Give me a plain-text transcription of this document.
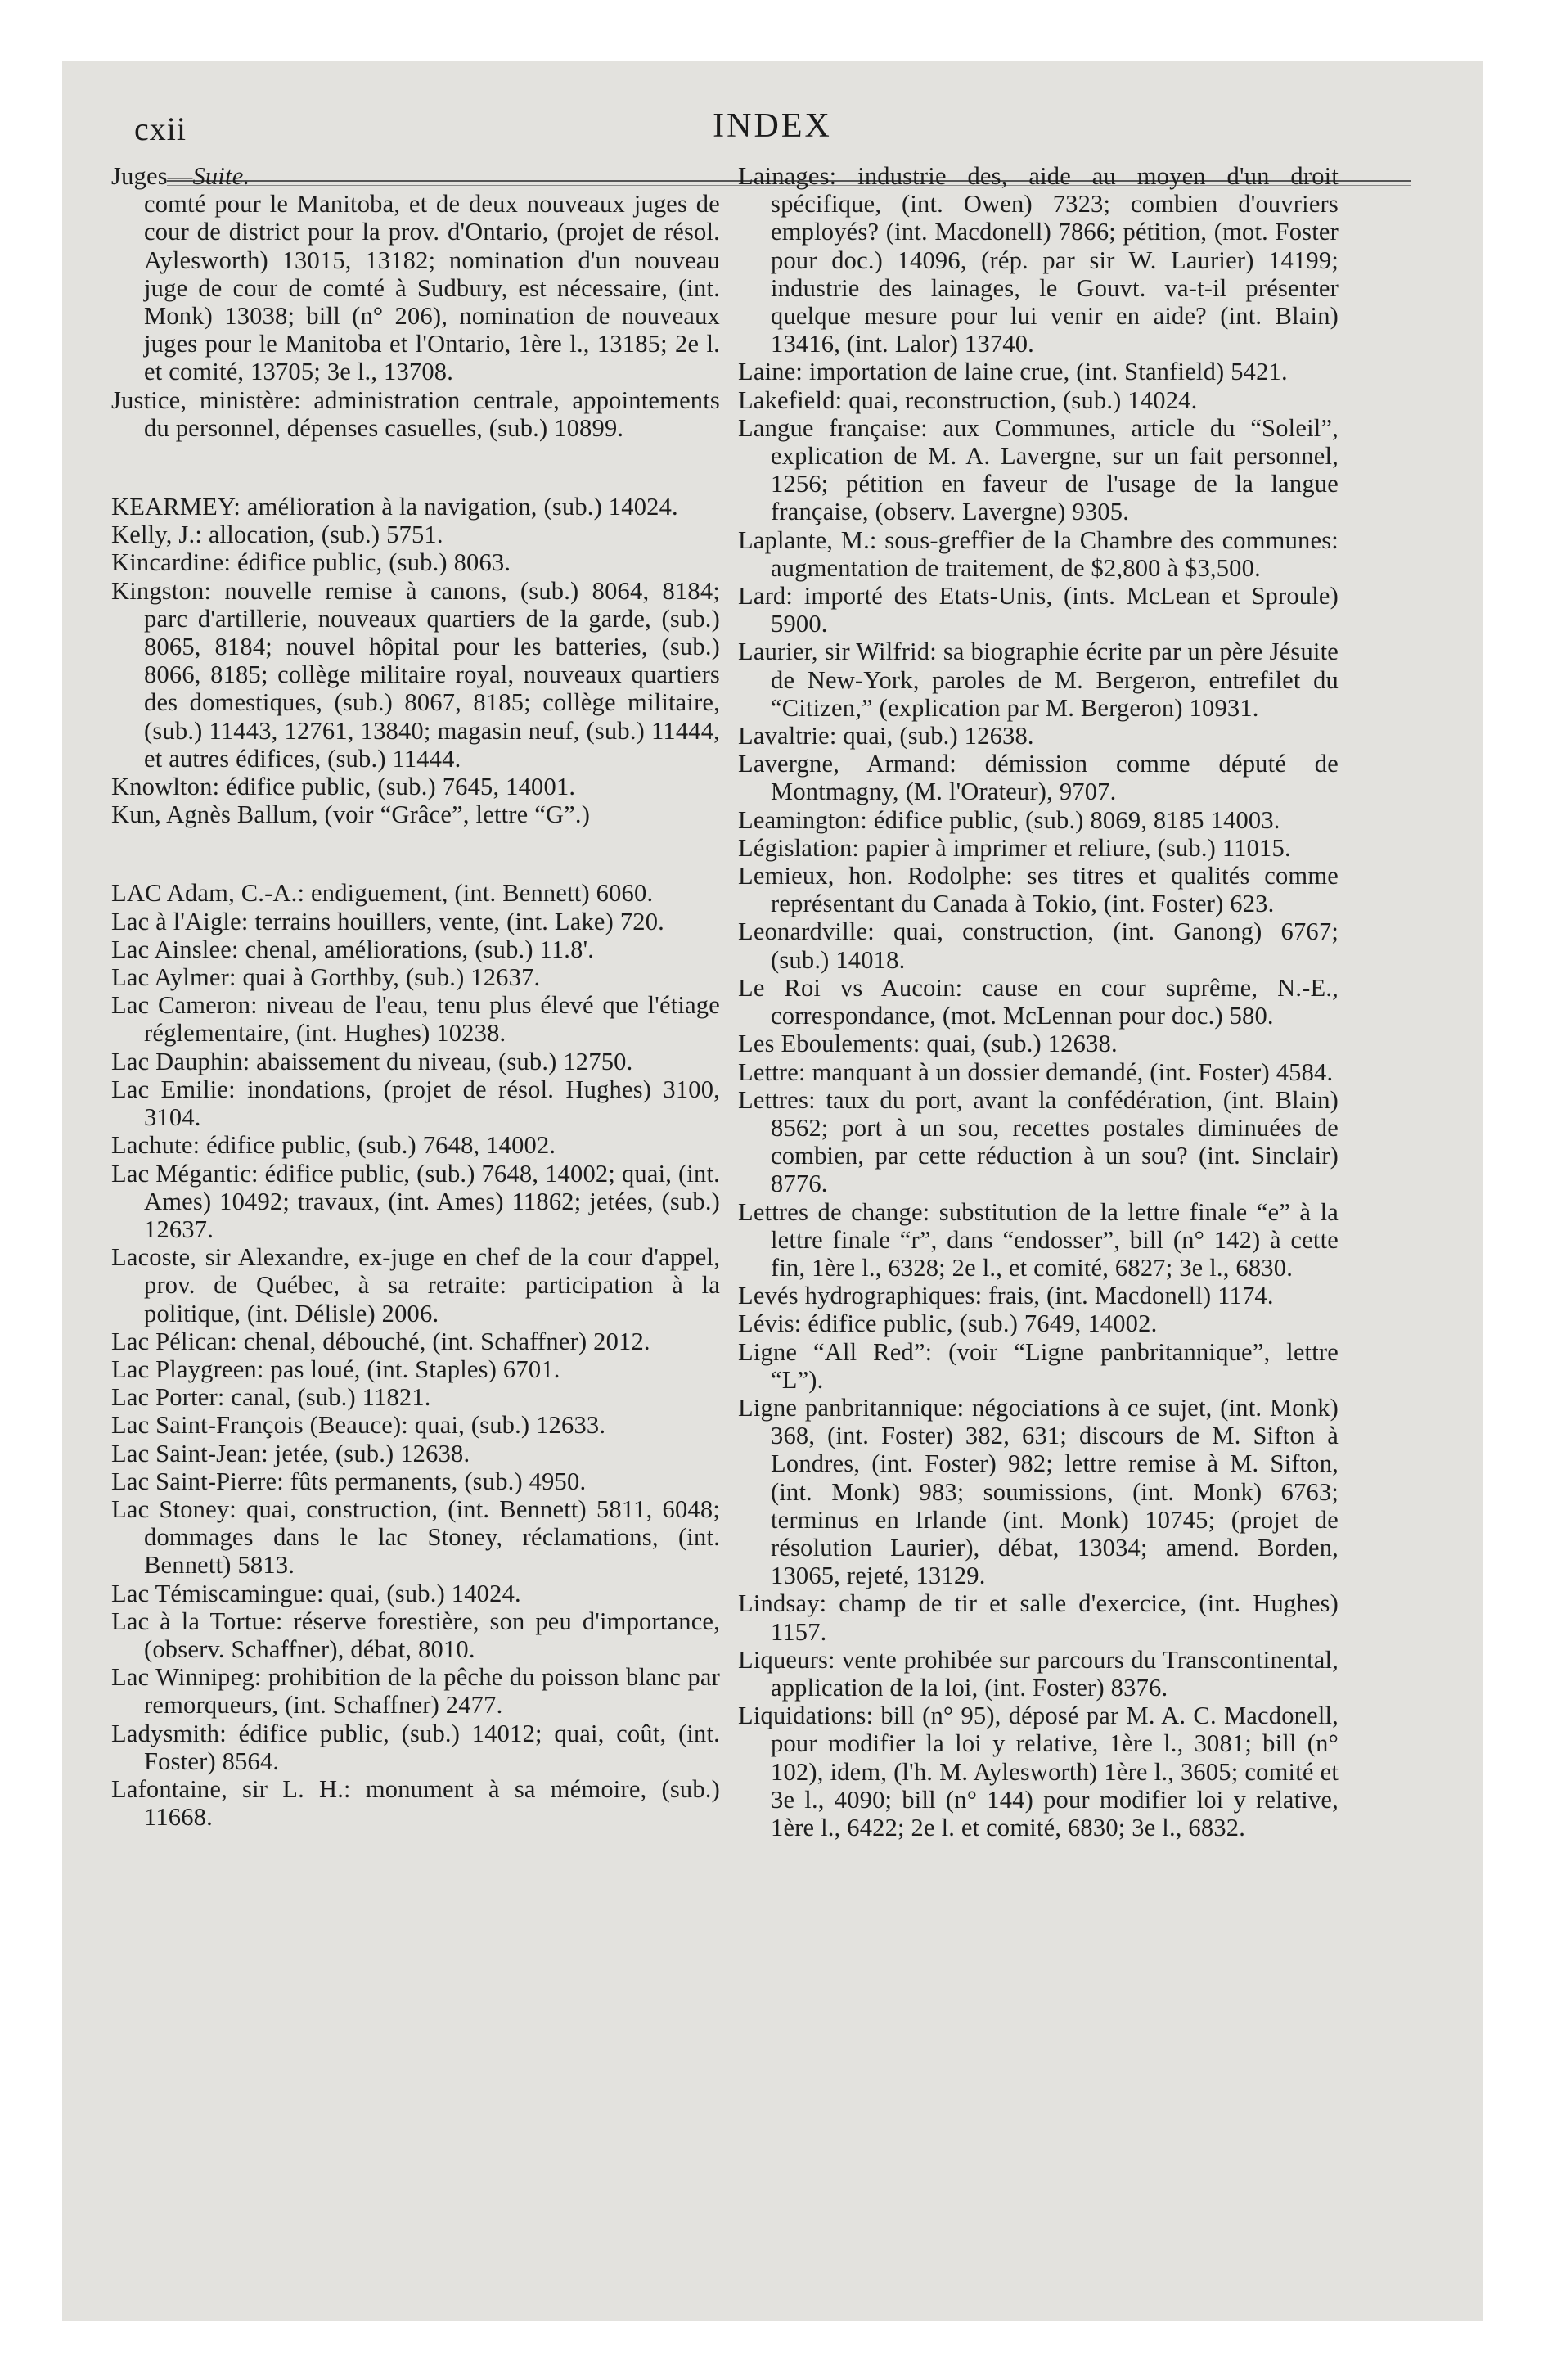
cxii	INDEX

Juges—Suite.

comté pour le Manitoba, et de deux nouveaux juges de cour de district pour la prov. d'Ontario, (projet de résol. Aylesworth) 13015, 13182; nomination d'un nouveau juge de cour de comté à Sudbury, est nécessaire, (int. Monk) 13038; bill (n° 206), nomination de nouveaux juges pour le Manitoba et l'Ontario, 1ère l., 13185; 2e l. et comité, 13705; 3e l., 13708.

Justice, ministère: administration centrale, appointements du personnel, dépenses casuelles, (sub.) 10899.

KEARMEY: amélioration à la navigation, (sub.) 14024.

Kelly, J.: allocation, (sub.) 5751.

Kincardine: édifice public, (sub.) 8063.

Kingston: nouvelle remise à canons, (sub.) 8064, 8184; parc d'artillerie, nouveaux quartiers de la garde, (sub.) 8065, 8184; nouvel hôpital pour les batteries, (sub.) 8066, 8185; collège militaire royal, nouveaux quartiers des domestiques, (sub.) 8067, 8185; collège militaire, (sub.) 11443, 12761, 13840; magasin neuf, (sub.) 11444, et autres édifices, (sub.) 11444.

Knowlton: édifice public, (sub.) 7645, 14001.

Kun, Agnès Ballum, (voir “Grâce”, lettre “G”.)

LAC Adam, C.-A.: endiguement, (int. Bennett) 6060.

Lac à l'Aigle: terrains houillers, vente, (int. Lake) 720.

Lac Ainslee: chenal, améliorations, (sub.) 11.8'.

Lac Aylmer: quai à Gorthby, (sub.) 12637.

Lac Cameron: niveau de l'eau, tenu plus élevé que l'étiage réglementaire, (int. Hughes) 10238.

Lac Dauphin: abaissement du niveau, (sub.) 12750.

Lac Emilie: inondations, (projet de résol. Hughes) 3100, 3104.

Lachute: édifice public, (sub.) 7648, 14002.

Lac Mégantic: édifice public, (sub.) 7648, 14002; quai, (int. Ames) 10492; travaux, (int. Ames) 11862; jetées, (sub.) 12637.

Lacoste, sir Alexandre, ex-juge en chef de la cour d'appel, prov. de Québec, à sa retraite: participation à la politique, (int. Délisle) 2006.

Lac Pélican: chenal, débouché, (int. Schaffner) 2012.

Lac Playgreen: pas loué, (int. Staples) 6701.

Lac Porter: canal, (sub.) 11821.

Lac Saint-François (Beauce): quai, (sub.) 12633.

Lac Saint-Jean: jetée, (sub.) 12638.

Lac Saint-Pierre: fûts permanents, (sub.) 4950.

Lac Stoney: quai, construction, (int. Bennett) 5811, 6048; dommages dans le lac Stoney, réclamations, (int. Bennett) 5813.

Lac Témiscamingue: quai, (sub.) 14024.

Lac à la Tortue: réserve forestière, son peu d'importance, (observ. Schaffner), débat, 8010.

Lac Winnipeg: prohibition de la pêche du poisson blanc par remorqueurs, (int. Schaffner) 2477.

Ladysmith: édifice public, (sub.) 14012; quai, coût, (int. Foster) 8564.

Lafontaine, sir L. H.: monument à sa mémoire, (sub.) 11668.

Lainages: industrie des, aide au moyen d'un droit spécifique, (int. Owen) 7323; combien d'ouvriers employés? (int. Macdonell) 7866; pétition, (mot. Foster pour doc.) 14096, (rép. par sir W. Laurier) 14199; industrie des lainages, le Gouvt. va-t-il présenter quelque mesure pour lui venir en aide? (int. Blain) 13416, (int. Lalor) 13740.

Laine: importation de laine crue, (int. Stanfield) 5421.

Lakefield: quai, reconstruction, (sub.) 14024.

Langue française: aux Communes, article du “Soleil”, explication de M. A. Lavergne, sur un fait personnel, 1256; pétition en faveur de l'usage de la langue française, (observ. Lavergne) 9305.

Laplante, M.: sous-greffier de la Chambre des communes: augmentation de traitement, de $2,800 à $3,500.

Lard: importé des Etats-Unis, (ints. McLean et Sproule) 5900.

Laurier, sir Wilfrid: sa biographie écrite par un père Jésuite de New-York, paroles de M. Bergeron, entrefilet du “Citizen,” (explication par M. Bergeron) 10931.

Lavaltrie: quai, (sub.) 12638.

Lavergne, Armand: démission comme député de Montmagny, (M. l'Orateur), 9707.

Leamington: édifice public, (sub.) 8069, 8185 14003.

Législation: papier à imprimer et reliure, (sub.) 11015.

Lemieux, hon. Rodolphe: ses titres et qualités comme représentant du Canada à Tokio, (int. Foster) 623.

Leonardville: quai, construction, (int. Ganong) 6767; (sub.) 14018.

Le Roi vs Aucoin: cause en cour suprême, N.-E., correspondance, (mot. McLennan pour doc.) 580.

Les Eboulements: quai, (sub.) 12638.

Lettre: manquant à un dossier demandé, (int. Foster) 4584.

Lettres: taux du port, avant la confédération, (int. Blain) 8562; port à un sou, recettes postales diminuées de combien, par cette réduction à un sou? (int. Sinclair) 8776.

Lettres de change: substitution de la lettre finale “e” à la lettre finale “r”, dans “endosser”, bill (n° 142) à cette fin, 1ère l., 6328; 2e l., et comité, 6827; 3e l., 6830.

Levés hydrographiques: frais, (int. Macdonell) 1174.

Lévis: édifice public, (sub.) 7649, 14002.

Ligne “All Red”: (voir “Ligne panbritannique”, lettre “L”).

Ligne panbritannique: négociations à ce sujet, (int. Monk) 368, (int. Foster) 382, 631; discours de M. Sifton à Londres, (int. Foster) 982; lettre remise à M. Sifton, (int. Monk) 983; soumissions, (int. Monk) 6763; terminus en Irlande (int. Monk) 10745; (projet de résolution Laurier), débat, 13034; amend. Borden, 13065, rejeté, 13129.

Lindsay: champ de tir et salle d'exercice, (int. Hughes) 1157.

Liqueurs: vente prohibée sur parcours du Transcontinental, application de la loi, (int. Foster) 8376.

Liquidations: bill (n° 95), déposé par M. A. C. Macdonell, pour modifier la loi y relative, 1ère l., 3081; bill (n° 102), idem, (l'h. M. Aylesworth) 1ère l., 3605; comité et 3e l., 4090; bill (n° 144) pour modifier loi y relative, 1ère l., 6422; 2e l. et comité, 6830; 3e l., 6832.
